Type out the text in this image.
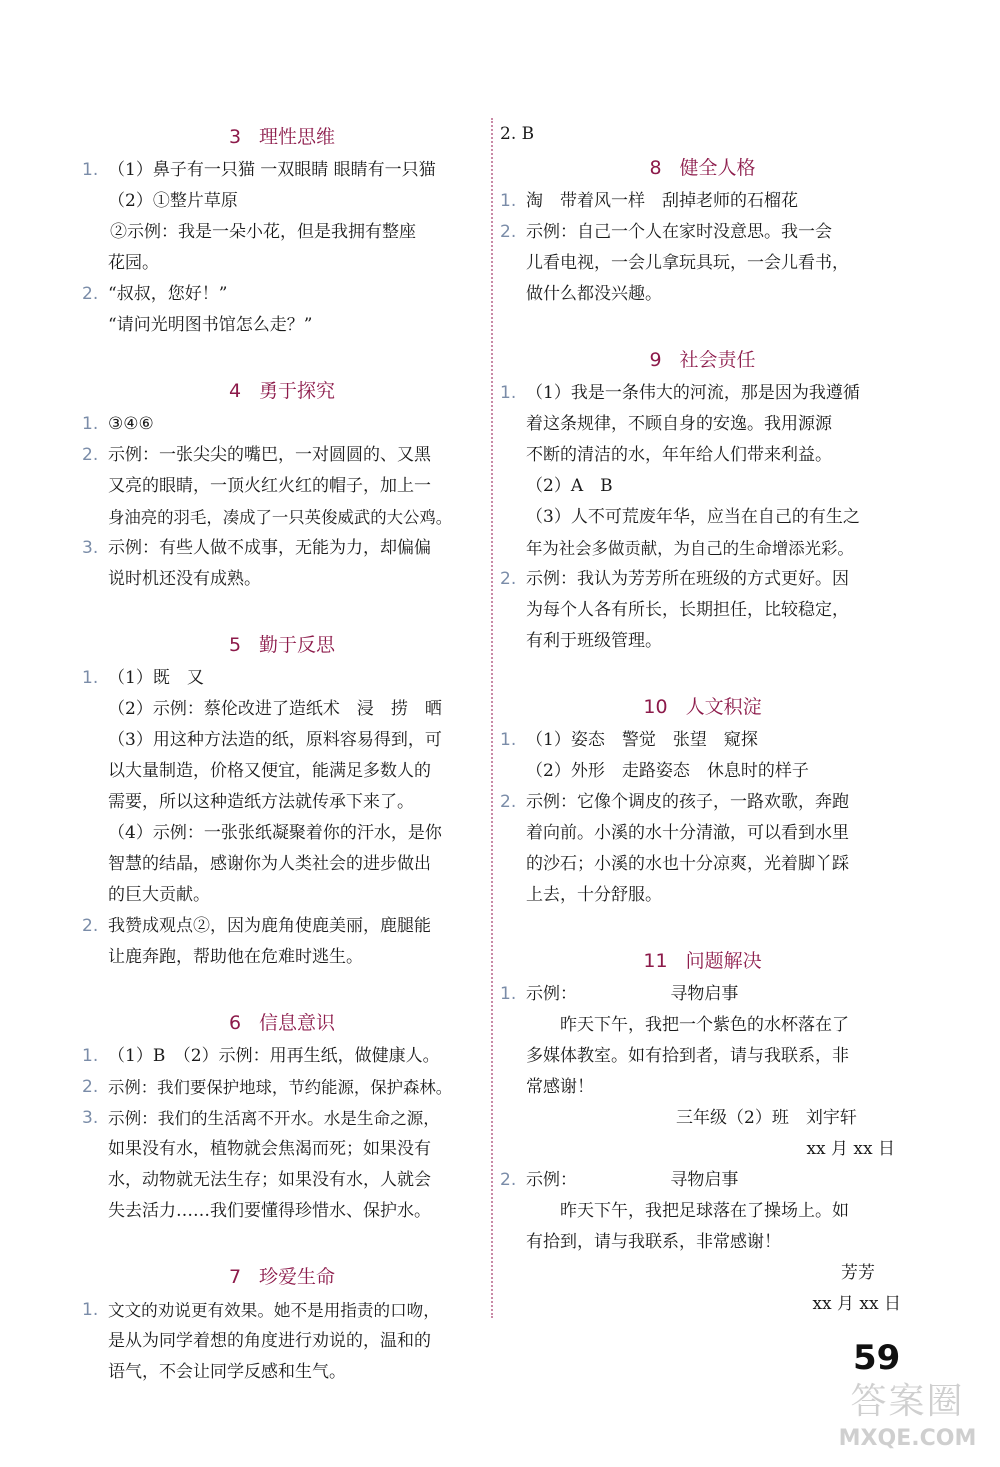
3 理性思维
1. （1）鼻子有一只猫 一双眼睛 眼睛有一只猫
（2）①整片草原
②示例：我是一朵小花，但是我拥有整座
花园。
2. “叔叔，您好！”
“请问光明图书馆怎么走？”
4 勇于探究
1. ③④⑥
2. 示例：一张尖尖的嘴巴，一对圆圆的、又黑
又亮的眼睛，一顶火红火红的帽子，加上一
身油亮的羽毛，凑成了一只英俊威武的大公鸡。
3. 示例：有些人做不成事，无能为力，却偏偏
说时机还没有成熟。
5 勤于反思
1. （1）既　又
（2）示例：蔡伦改进了造纸术　浸　捞　晒
（3）用这种方法造的纸，原料容易得到，可
以大量制造，价格又便宜，能满足多数人的
需要，所以这种造纸方法就传承下来了。
（4）示例：一张张纸凝聚着你的汗水，是你
智慧的结晶，感谢你为人类社会的进步做出
的巨大贡献。
2. 我赞成观点②，因为鹿角使鹿美丽，鹿腿能
让鹿奔跑，帮助他在危难时逃生。
6 信息意识
1. （1）B　（2）示例：用再生纸，做健康人。
2. 示例：我们要保护地球，节约能源，保护森林。
3. 示例：我们的生活离不开水。水是生命之源，
如果没有水，植物就会焦渴而死；如果没有
水，动物就无法生存；如果没有水，人就会
失去活力……我们要懂得珍惜水、保护水。
7 珍爱生命
1. 文文的劝说更有效果。她不是用指责的口吻，
是从为同学着想的角度进行劝说的，温和的
语气，不会让同学反感和生气。
2. B
8 健全人格
1. 淘　带着风一样　刮掉老师的石榴花
2. 示例：自己一个人在家时没意思。我一会
儿看电视，一会儿拿玩具玩，一会儿看书，
做什么都没兴趣。
9 社会责任
1. （1）我是一条伟大的河流，那是因为我遵循
着这条规律，不顾自身的安逸。我用源源
不断的清洁的水，年年给人们带来利益。
（2）A　B
（3）人不可荒废年华，应当在自己的有生之
年为社会多做贡献，为自己的生命增添光彩。
2. 示例：我认为芳芳所在班级的方式更好。因
为每个人各有所长，长期担任，比较稳定，
有利于班级管理。
10 人文积淀
1. （1）姿态　警觉　张望　窥探
（2）外形　走路姿态　休息时的样子
2. 示例：它像个调皮的孩子，一路欢歌，奔跑
着向前。小溪的水十分清澈，可以看到水里
的沙石；小溪的水也十分凉爽，光着脚丫踩
上去，十分舒服。
11 问题解决
1. 示例：	寻物启事
昨天下午，我把一个紫色的水杯落在了
多媒体教室。如有拾到者，请与我联系，非
常感谢！
三年级（2）班　刘宇轩
xx 月 xx 日
2. 示例：	寻物启事
昨天下午，我把足球落在了操场上。如
有拾到，请与我联系，非常感谢！
芳芳
xx 月 xx 日
59
答案圈
MXQE.COM
